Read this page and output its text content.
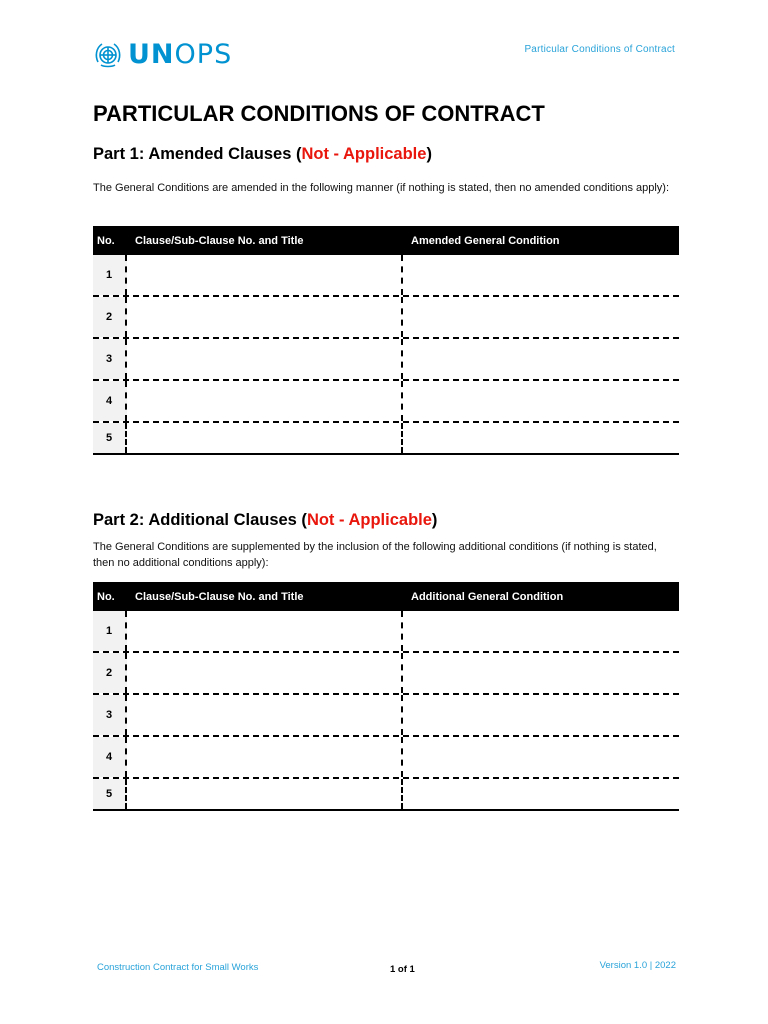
UNOPS	Particular Conditions of Contract
PARTICULAR CONDITIONS OF CONTRACT
Part 1: Amended Clauses (Not - Applicable)
The General Conditions are amended in the following manner (if nothing is stated, then no amended conditions apply):
No.	Clause/Sub-Clause No. and Title	Amended General Condition
1
2
3
4
5
Part 2: Additional Clauses (Not - Applicable)
The General Conditions are supplemented by the inclusion of the following additional conditions (if nothing is stated, then no additional conditions apply):
No.	Clause/Sub-Clause No. and Title	Additional General Condition
1
2
3
4
5
Construction Contract for Small Works	1 of 1	Version 1.0 | 2022
